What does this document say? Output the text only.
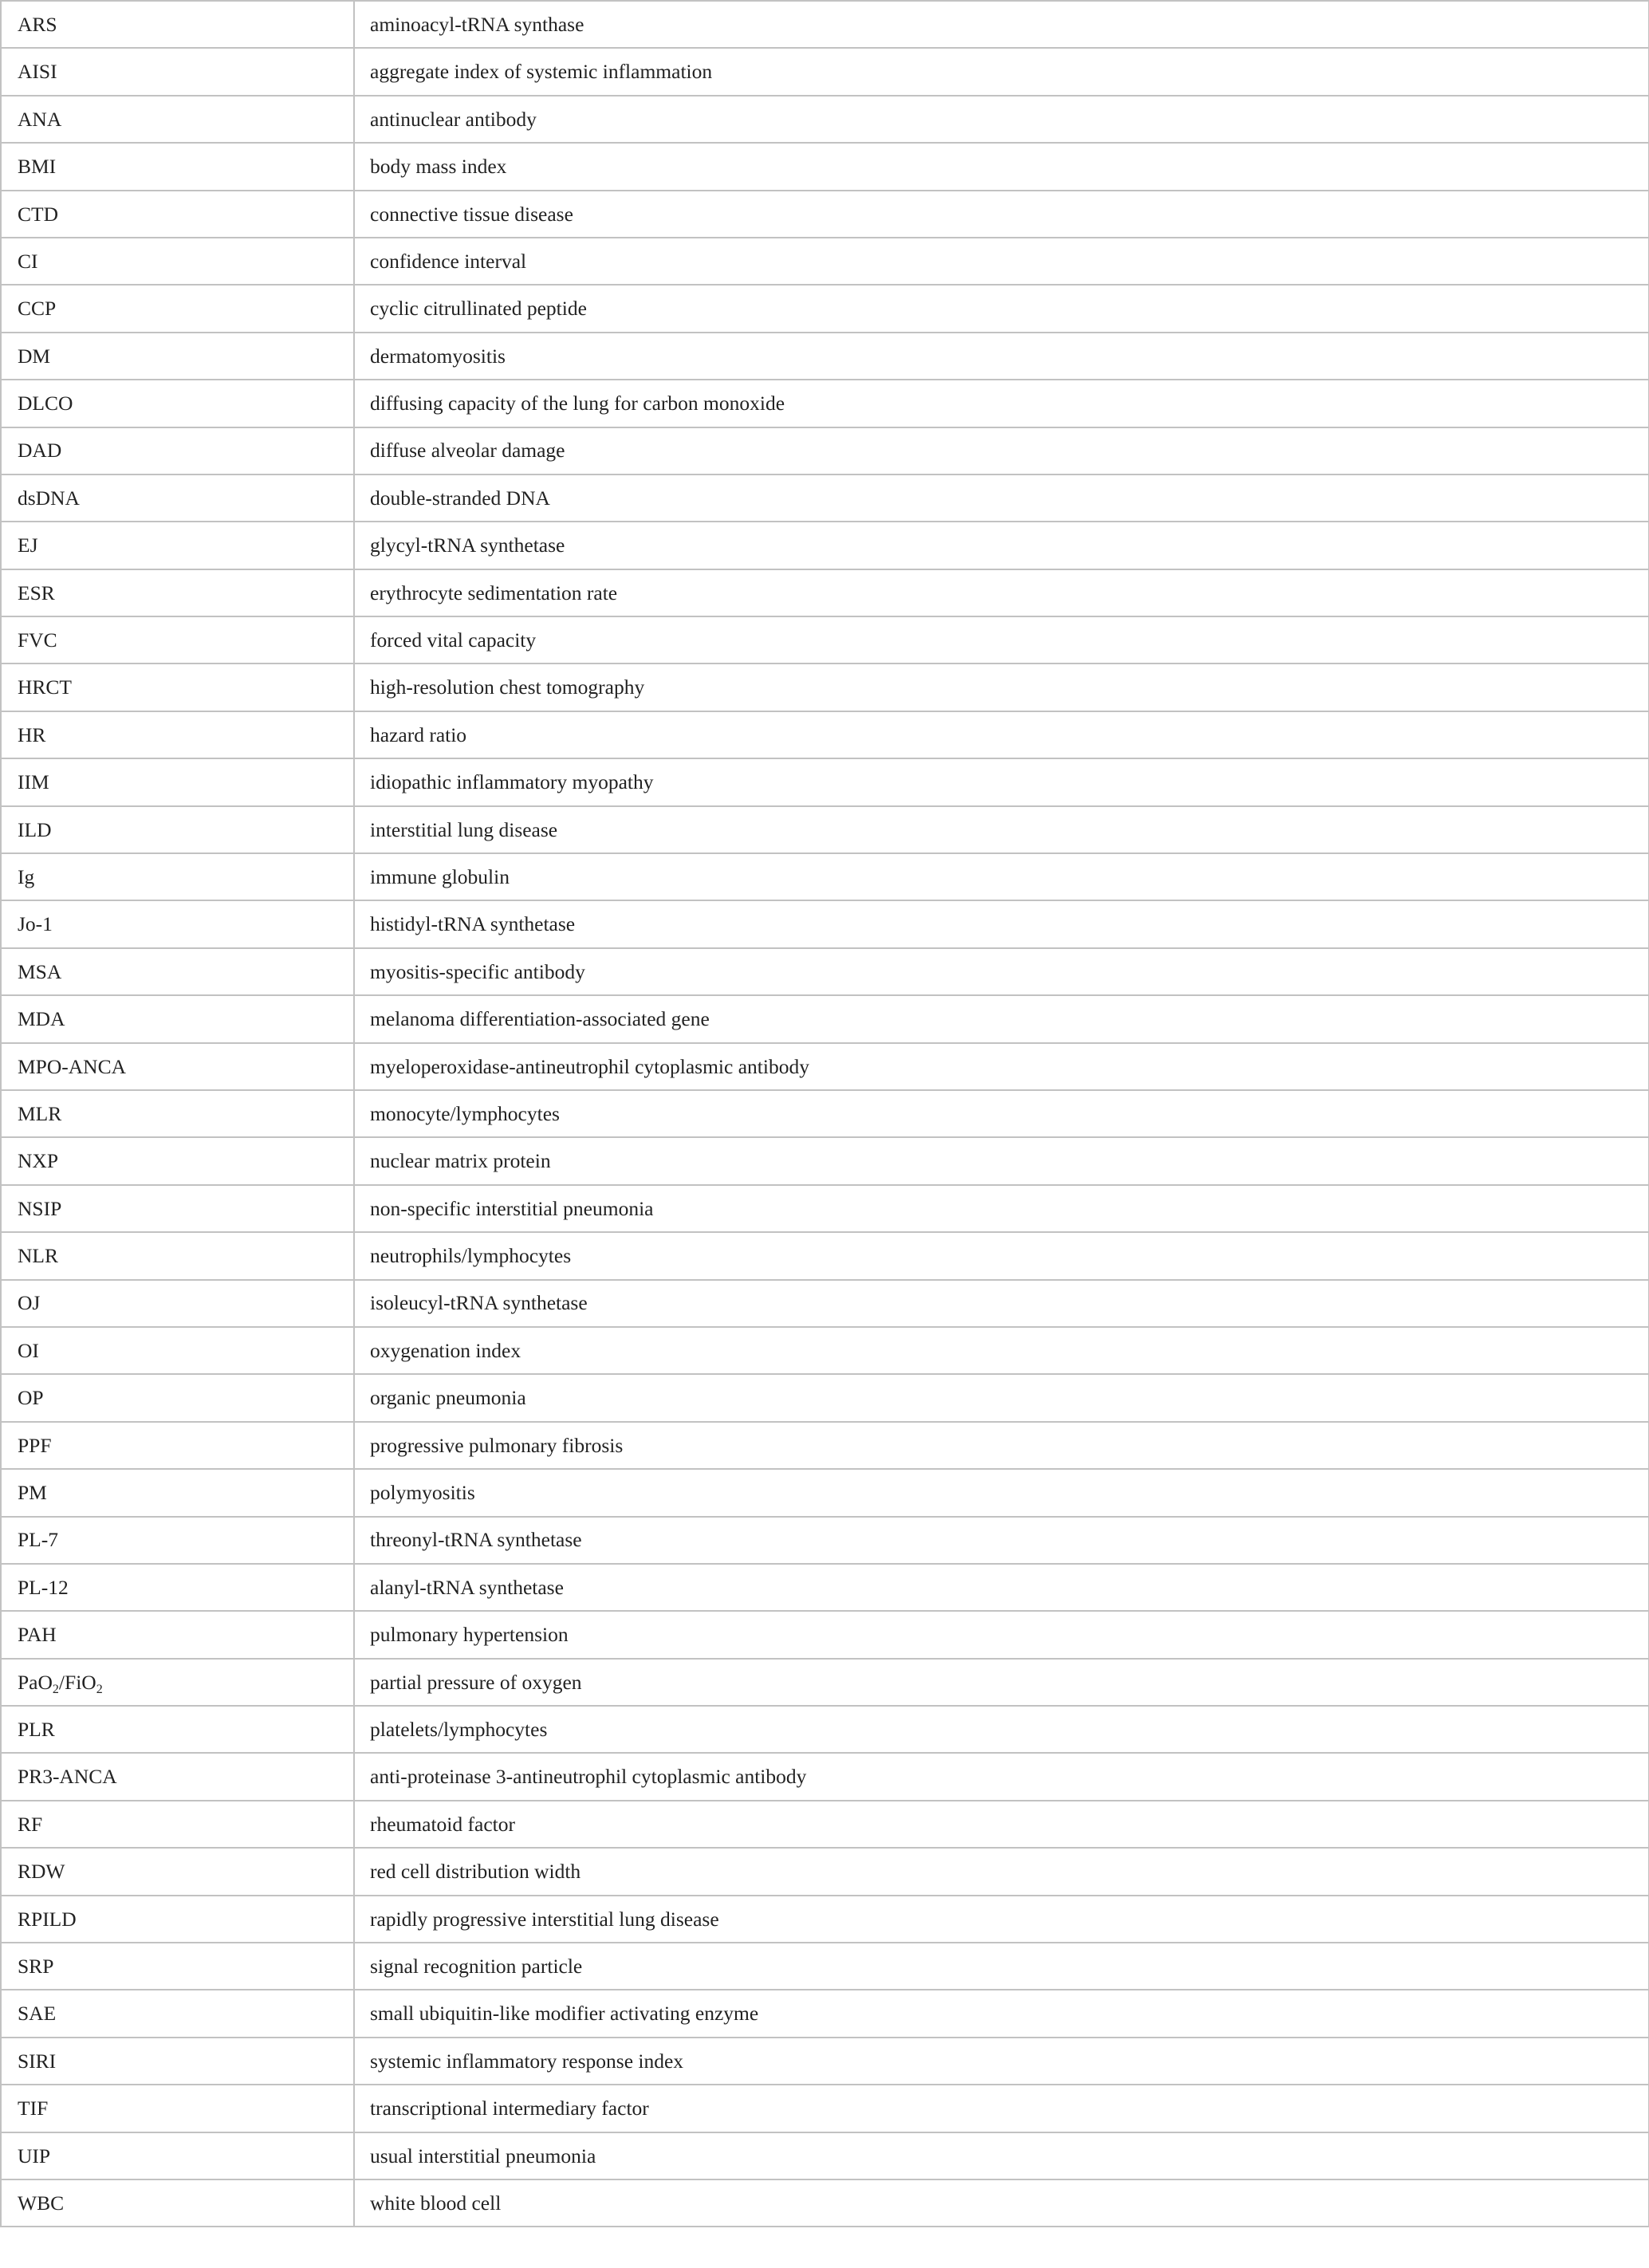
ARS	aminoacyl-tRNA synthase
AISI	aggregate index of systemic inflammation
ANA	antinuclear antibody
BMI	body mass index
CTD	connective tissue disease
CI	confidence interval
CCP	cyclic citrullinated peptide
DM	dermatomyositis
DLCO	diffusing capacity of the lung for carbon monoxide
DAD	diffuse alveolar damage
dsDNA	double-stranded DNA
EJ	glycyl-tRNA synthetase
ESR	erythrocyte sedimentation rate
FVC	forced vital capacity
HRCT	high-resolution chest tomography
HR	hazard ratio
IIM	idiopathic inflammatory myopathy
ILD	interstitial lung disease
Ig	immune globulin
Jo-1	histidyl-tRNA synthetase
MSA	myositis-specific antibody
MDA	melanoma differentiation-associated gene
MPO-ANCA	myeloperoxidase-antineutrophil cytoplasmic antibody
MLR	monocyte/lymphocytes
NXP	nuclear matrix protein
NSIP	non-specific interstitial pneumonia
NLR	neutrophils/lymphocytes
OJ	isoleucyl-tRNA synthetase
OI	oxygenation index
OP	organic pneumonia
PPF	progressive pulmonary fibrosis
PM	polymyositis
PL-7	threonyl-tRNA synthetase
PL-12	alanyl-tRNA synthetase
PAH	pulmonary hypertension
PaO$_2$/FiO$_2$	partial pressure of oxygen
PLR	platelets/lymphocytes
PR3-ANCA	anti-proteinase 3-antineutrophil cytoplasmic antibody
RF	rheumatoid factor
RDW	red cell distribution width
RPILD	rapidly progressive interstitial lung disease
SRP	signal recognition particle
SAE	small ubiquitin-like modifier activating enzyme
SIRI	systemic inflammatory response index
TIF	transcriptional intermediary factor
UIP	usual interstitial pneumonia
WBC	white blood cell
